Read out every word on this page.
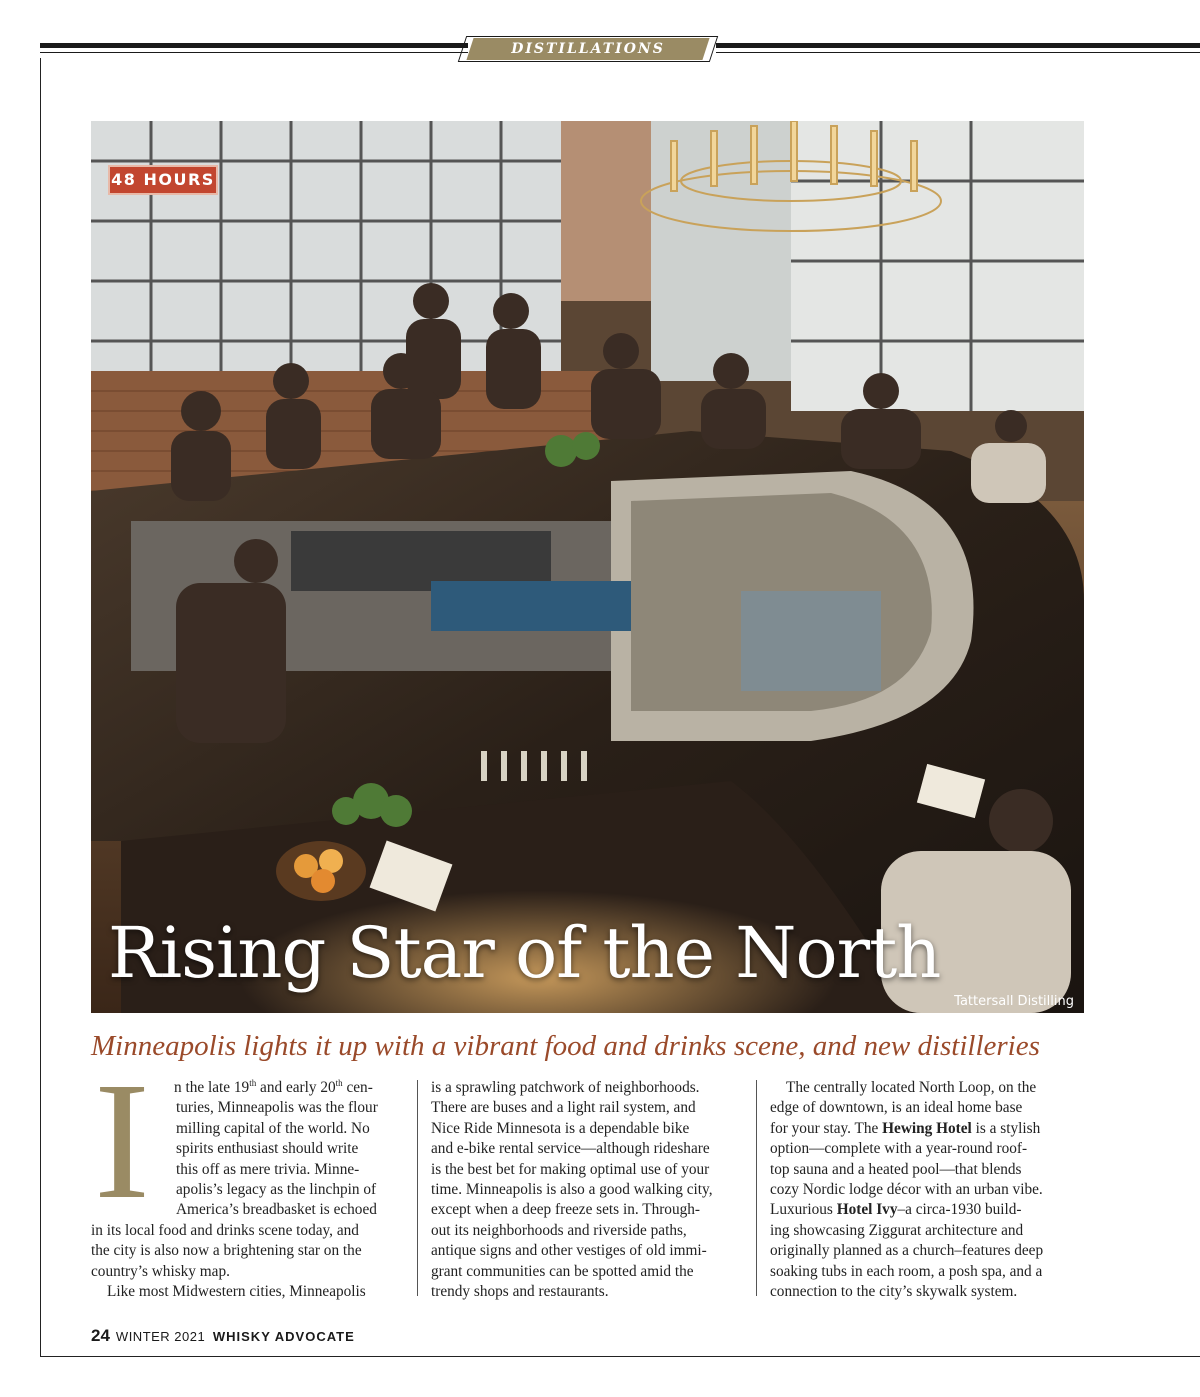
DISTILLATIONS
48 HOURS
Rising Star of the North
Tattersall Distilling
Minneapolis lights it up with a vibrant food and drinks scene, and new distilleries
I	n the late 19th and early 20th cen-
turies, Minneapolis was the flour
milling capital of the world. No
spirits enthusiast should write
this off as mere trivia. Minne-
apolis’s legacy as the linchpin of
America’s breadbasket is echoed
in its local food and drinks scene today, and
the city is also now a brightening star on the
country’s whisky map.
Like most Midwestern cities, Minneapolis
is a sprawling patchwork of neighborhoods.
There are buses and a light rail system, and
Nice Ride Minnesota is a dependable bike
and e-bike rental service—although rideshare
is the best bet for making optimal use of your
time. Minneapolis is also a good walking city,
except when a deep freeze sets in. Through-
out its neighborhoods and riverside paths,
antique signs and other vestiges of old immi-
grant communities can be spotted amid the
trendy shops and restaurants.
The centrally located North Loop, on the
edge of downtown, is an ideal home base
for your stay. The Hewing Hotel is a stylish
option—complete with a year-round roof-
top sauna and a heated pool—that blends
cozy Nordic lodge décor with an urban vibe.
Luxurious Hotel Ivy–a circa-1930 build-
ing showcasing Ziggurat architecture and
originally planned as a church–features deep
soaking tubs in each room, a posh spa, and a
connection to the city’s skywalk system.
24 WINTER 2021 WHISKY ADVOCATE
